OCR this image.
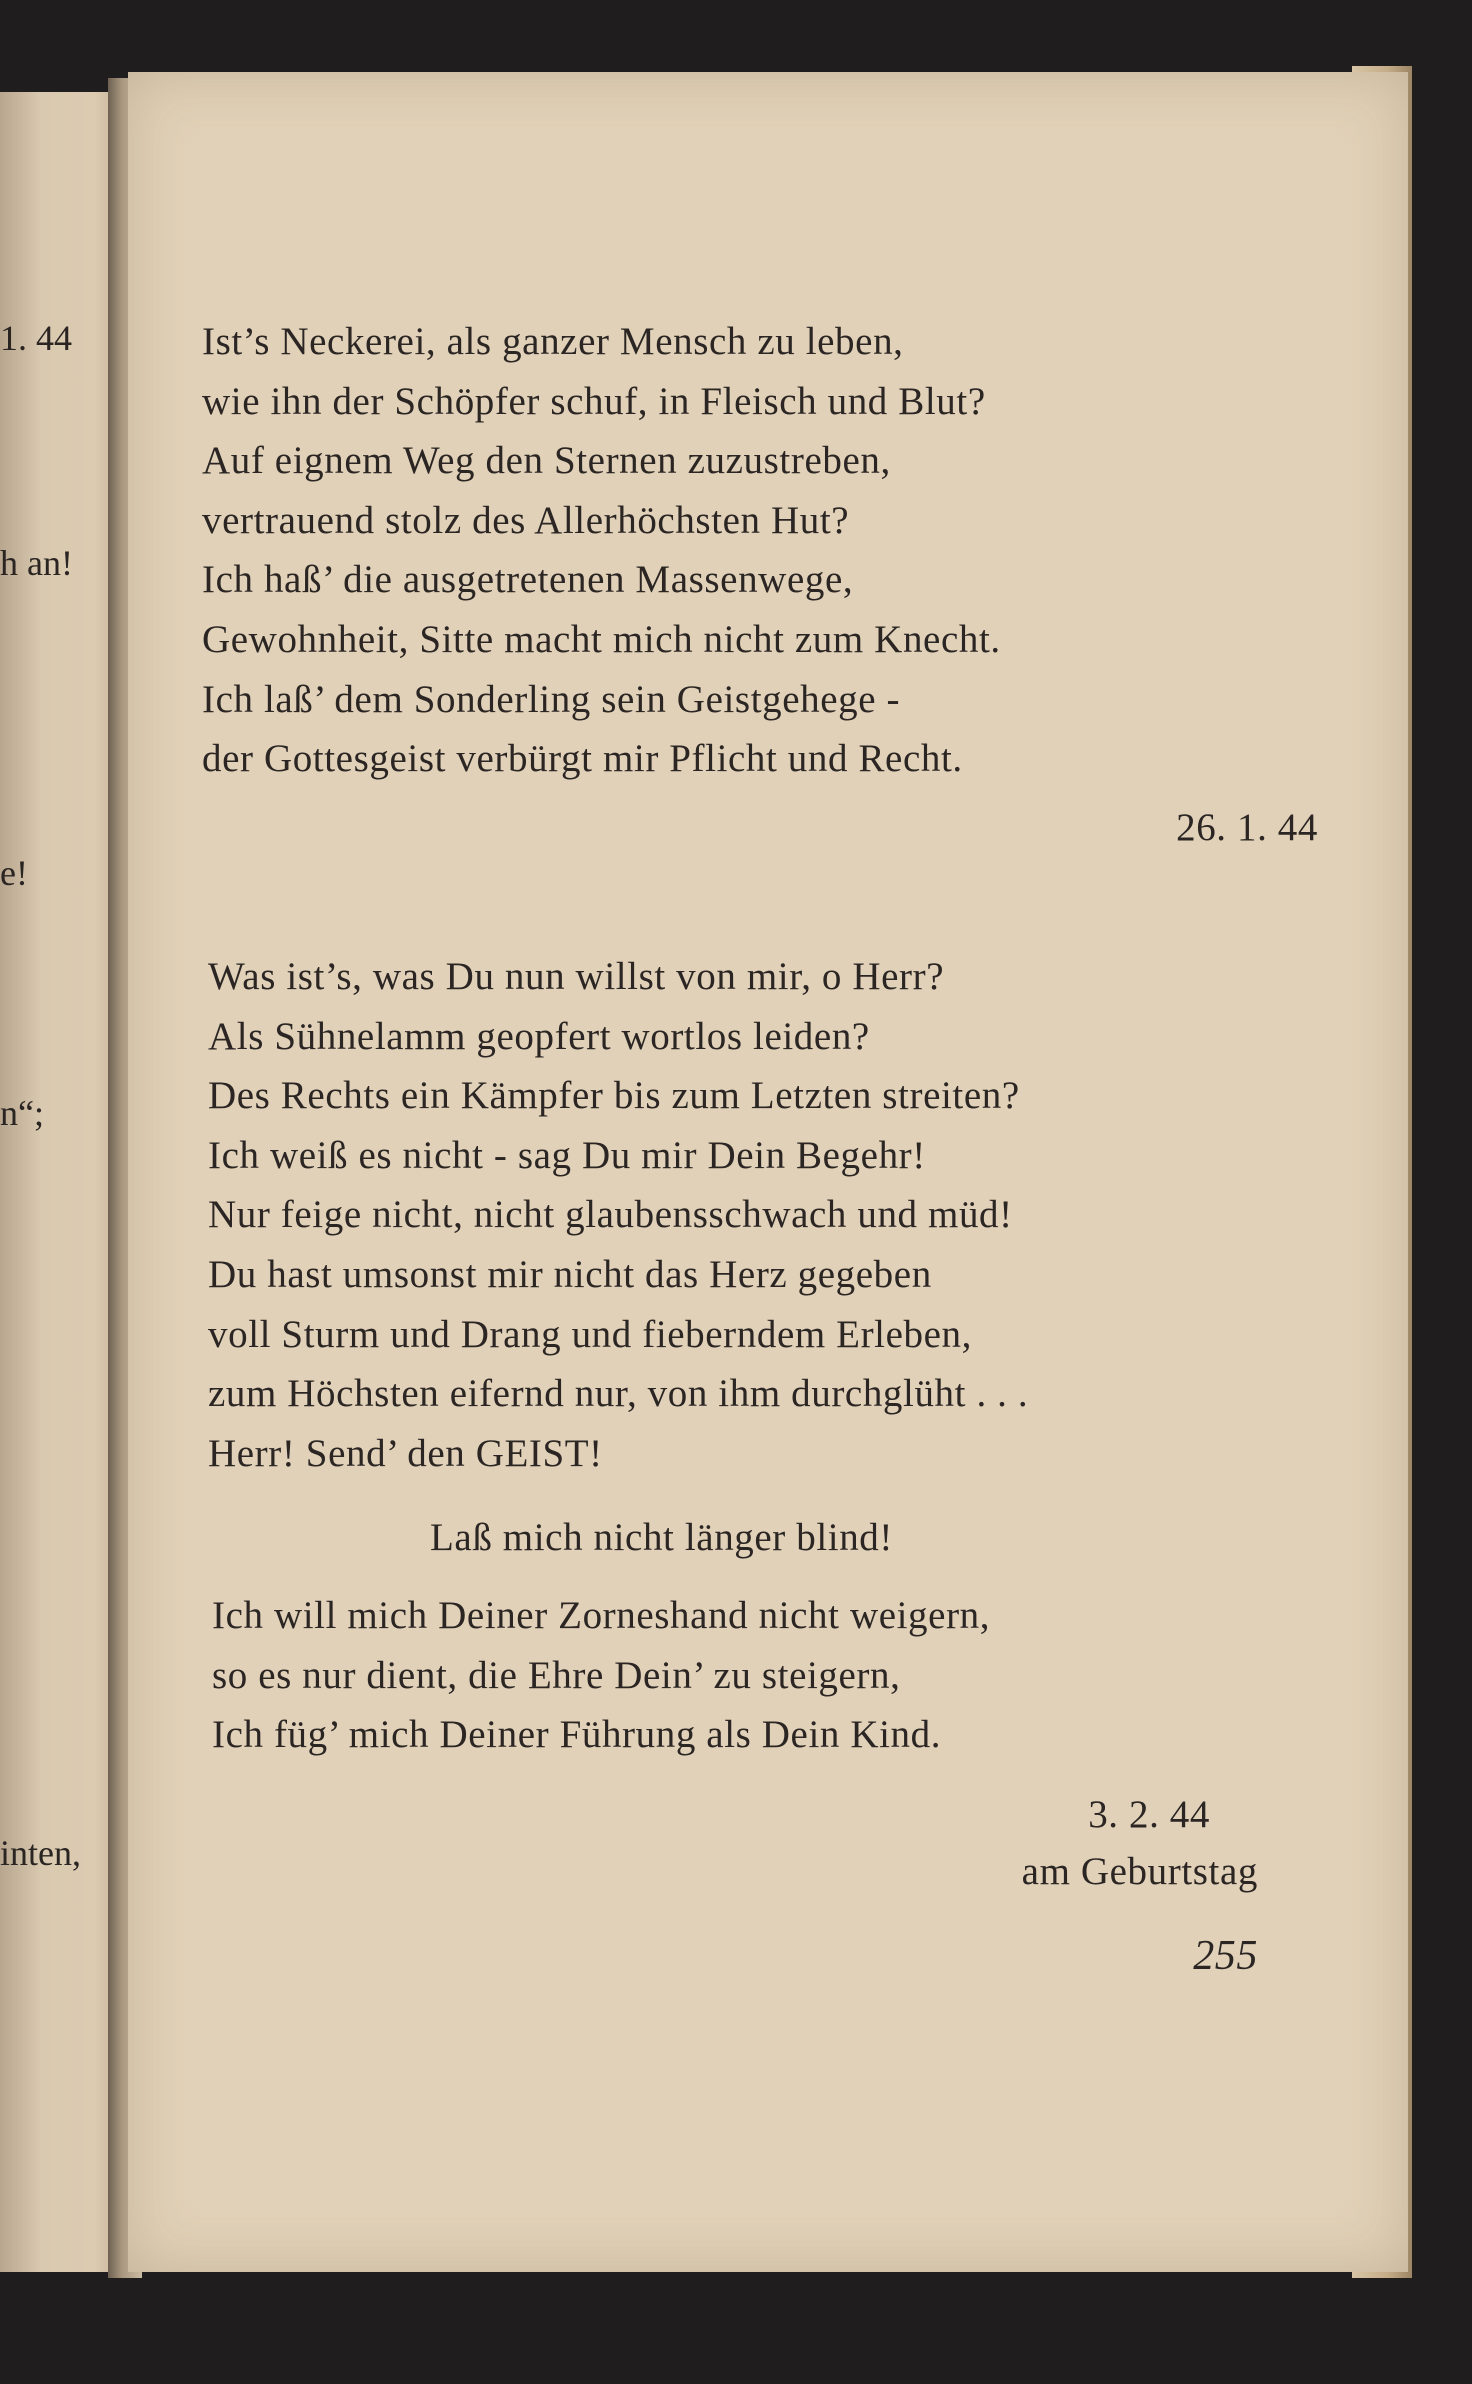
1. 44
h an!
e!
n“;
inten,
Ist’s Neckerei, als ganzer Mensch zu leben,
wie ihn der Schöpfer schuf, in Fleisch und Blut?
Auf eignem Weg den Sternen zuzustreben,
vertrauend stolz des Allerhöchsten Hut?
Ich haß’ die ausgetretenen Massenwege,
Gewohnheit, Sitte macht mich nicht zum Knecht.
Ich laß’ dem Sonderling sein Geistgehege -
der Gottesgeist verbürgt mir Pflicht und Recht.
26. 1. 44
Was ist’s, was Du nun willst von mir, o Herr?
Als Sühnelamm geopfert wortlos leiden?
Des Rechts ein Kämpfer bis zum Letzten streiten?
Ich weiß es nicht - sag Du mir Dein Begehr!
Nur feige nicht, nicht glaubensschwach und müd!
Du hast umsonst mir nicht das Herz gegeben
voll Sturm und Drang und fieberndem Erleben,
zum Höchsten eifernd nur, von ihm durchglüht . . .
Herr! Send’ den GEIST!
Laß mich nicht länger blind!
Ich will mich Deiner Zorneshand nicht weigern,
so es nur dient, die Ehre Dein’ zu steigern,
Ich füg’ mich Deiner Führung als Dein Kind.
3. 2. 44
am Geburtstag
255
